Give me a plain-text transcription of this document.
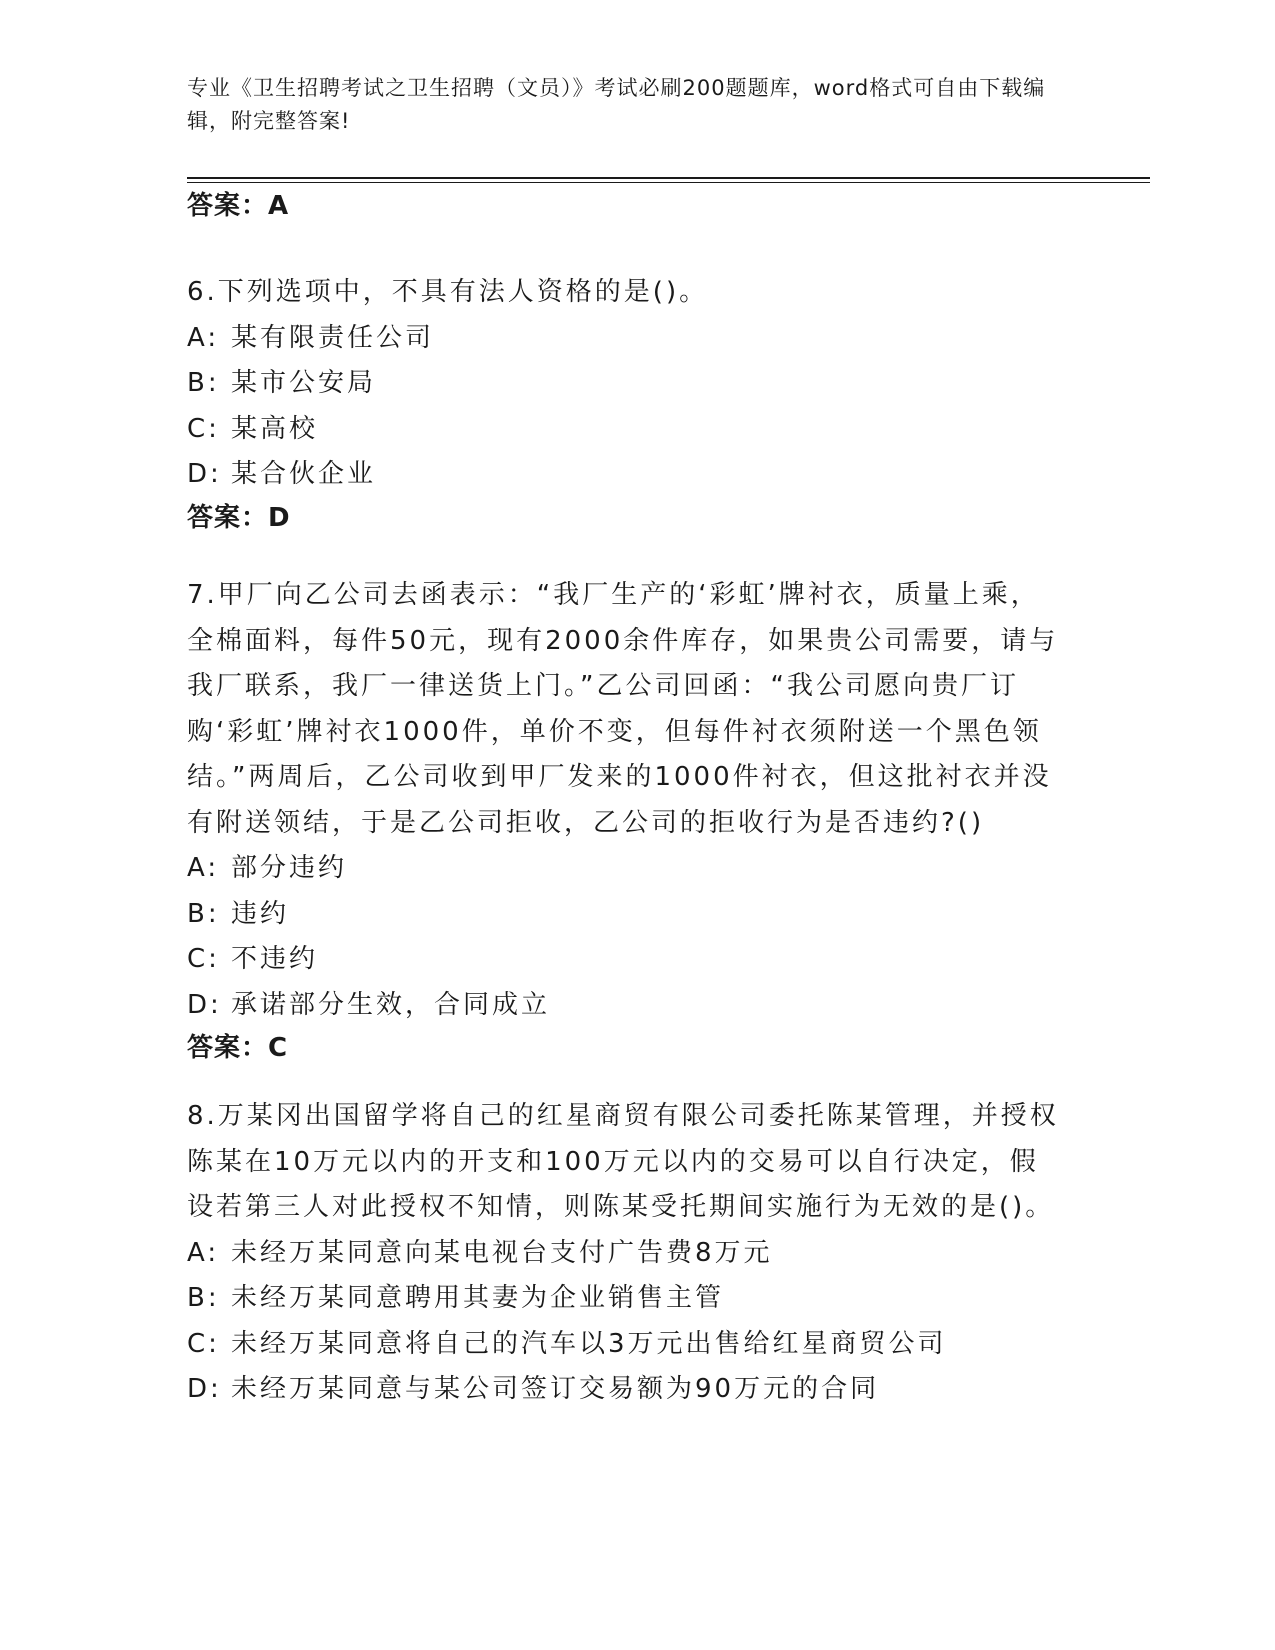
专业《卫生招聘考试之卫生招聘（文员）》考试必刷200题题库，word格式可自由下载编辑，附完整答案!
答案：A
6.下列选项中，不具有法人资格的是()。
A: 某有限责任公司
B: 某市公安局
C: 某高校
D: 某合伙企业
答案：D
7.甲厂向乙公司去函表示：“我厂生产的‘彩虹’牌衬衣，质量上乘，全棉面料，每件50元，现有2000余件库存，如果贵公司需要，请与我厂联系，我厂一律送货上门。”乙公司回函：“我公司愿向贵厂订购‘彩虹’牌衬衣1000件，单价不变，但每件衬衣须附送一个黑色领结。”两周后，乙公司收到甲厂发来的1000件衬衣，但这批衬衣并没有附送领结，于是乙公司拒收，乙公司的拒收行为是否违约?()
A: 部分违约
B: 违约
C: 不违约
D: 承诺部分生效，合同成立
答案：C
8.万某冈出国留学将自己的红星商贸有限公司委托陈某管理，并授权陈某在10万元以内的开支和100万元以内的交易可以自行决定，假设若第三人对此授权不知情，则陈某受托期间实施行为无效的是()。
A: 未经万某同意向某电视台支付广告费8万元
B: 未经万某同意聘用其妻为企业销售主管
C: 未经万某同意将自己的汽车以3万元出售给红星商贸公司
D: 未经万某同意与某公司签订交易额为90万元的合同
